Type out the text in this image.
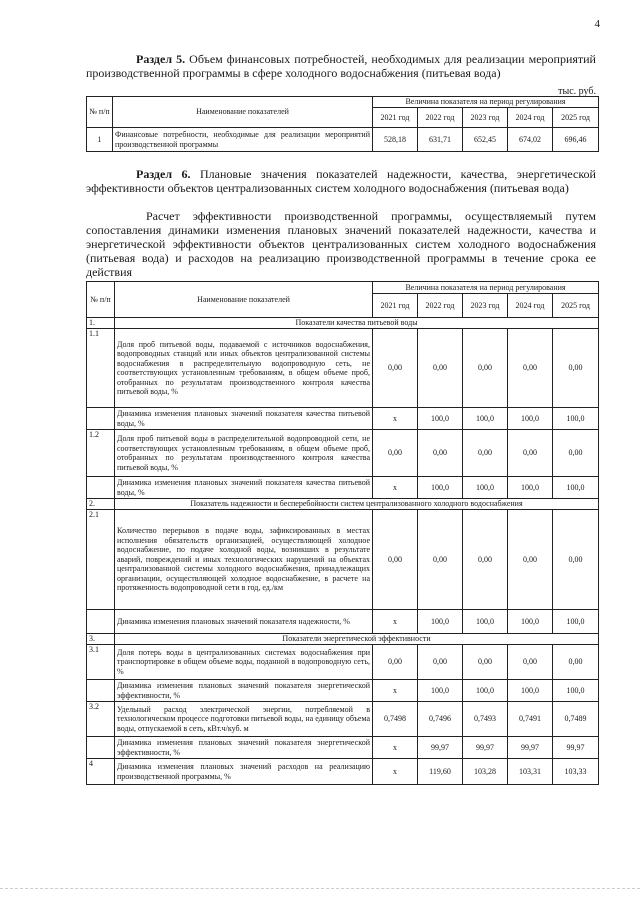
4
Раздел 5. Объем финансовых потребностей, необходимых для реализации мероприятий производственной программы в сфере холодного водоснабжения (питьевая вода)
тыс. руб.
№ п/п	Наименование показателей	Величина показателя на период регулирования				
		2021 год	2022 год	2023 год	2024 год	2025 год
1	Финансовые потребности, необходимые для реализации мероприятий производственной программы	528,18	631,71	652,45	674,02	696,46
Раздел 6. Плановые значения показателей надежности, качества, энергетической эффективности объектов централизованных систем холодного водоснабжения (питьевая вода)
Расчет эффективности производственной программы, осуществляемый путем сопоставления динамики изменения плановых значений показателей надежности, качества и энергетической эффективности объектов централизованных систем холодного водоснабжения (питьевая вода) и расходов на реализацию производственной программы в течение срока ее действия
№ п/п	Наименование показателей	Величина показателя на период регулирования				
		2021 год	2022 год	2023 год	2024 год	2025 год
1.	Показатели качества питьевой воды					
1.1	Доля проб питьевой воды, подаваемой с источников водоснабжения, водопроводных станций или иных объектов централизованной системы водоснабжения в распределительную водопроводную сеть, не соответствующих установленным требованиям, в общем объеме проб, отобранных по результатам производственного контроля качества питьевой воды, %	0,00	0,00	0,00	0,00	0,00
	Динамика изменения плановых значений показателя качества питьевой воды, %	х	100,0	100,0	100,0	100,0
1.2	Доля проб питьевой воды в распределительной водопроводной сети, не соответствующих установленным требованиям, в общем объеме проб, отобранных по результатам производственного контроля качества питьевой воды, %	0,00	0,00	0,00	0,00	0,00
	Динамика изменения плановых значений показателя качества питьевой воды, %	х	100,0	100,0	100,0	100,0
2.	Показатель надежности и бесперебойности систем централизованного холодного водоснабжения					
2.1	Количество перерывов в подаче воды, зафиксированных в местах исполнения обязательств организацией, осуществляющей холодное водоснабжение, по подаче холодной воды, возникших в результате аварий, повреждений и иных технологических нарушений на объектах централизованной системы холодного водоснабжения, принадлежащих организации, осуществляющей холодное водоснабжение, в расчете на протяженность водопроводной сети в год, ед./км	0,00	0,00	0,00	0,00	0,00
	Динамика изменения плановых значений показателя надежности, %	х	100,0	100,0	100,0	100,0
3.	Показатели энергетической эффективности					
3.1	Доля потерь воды в централизованных системах водоснабжения при транспортировке в общем объеме воды, поданной в водопроводную сеть, %	0,00	0,00	0,00	0,00	0,00
	Динамика изменения плановых значений показателя энергетической эффективности, %	х	100,0	100,0	100,0	100,0
3.2	Удельный расход электрической энергии, потребляемой в технологическом процессе подготовки питьевой воды, на единицу объема воды, отпускаемой в сеть, кВт.ч/куб. м	0,7498	0,7496	0,7493	0,7491	0,7489
	Динамика изменения плановых значений показателя энергетической эффективности, %	х	99,97	99,97	99,97	99,97
4	Динамика изменения плановых значений расходов на реализацию производственной программы, %	х	119,60	103,28	103,31	103,33
